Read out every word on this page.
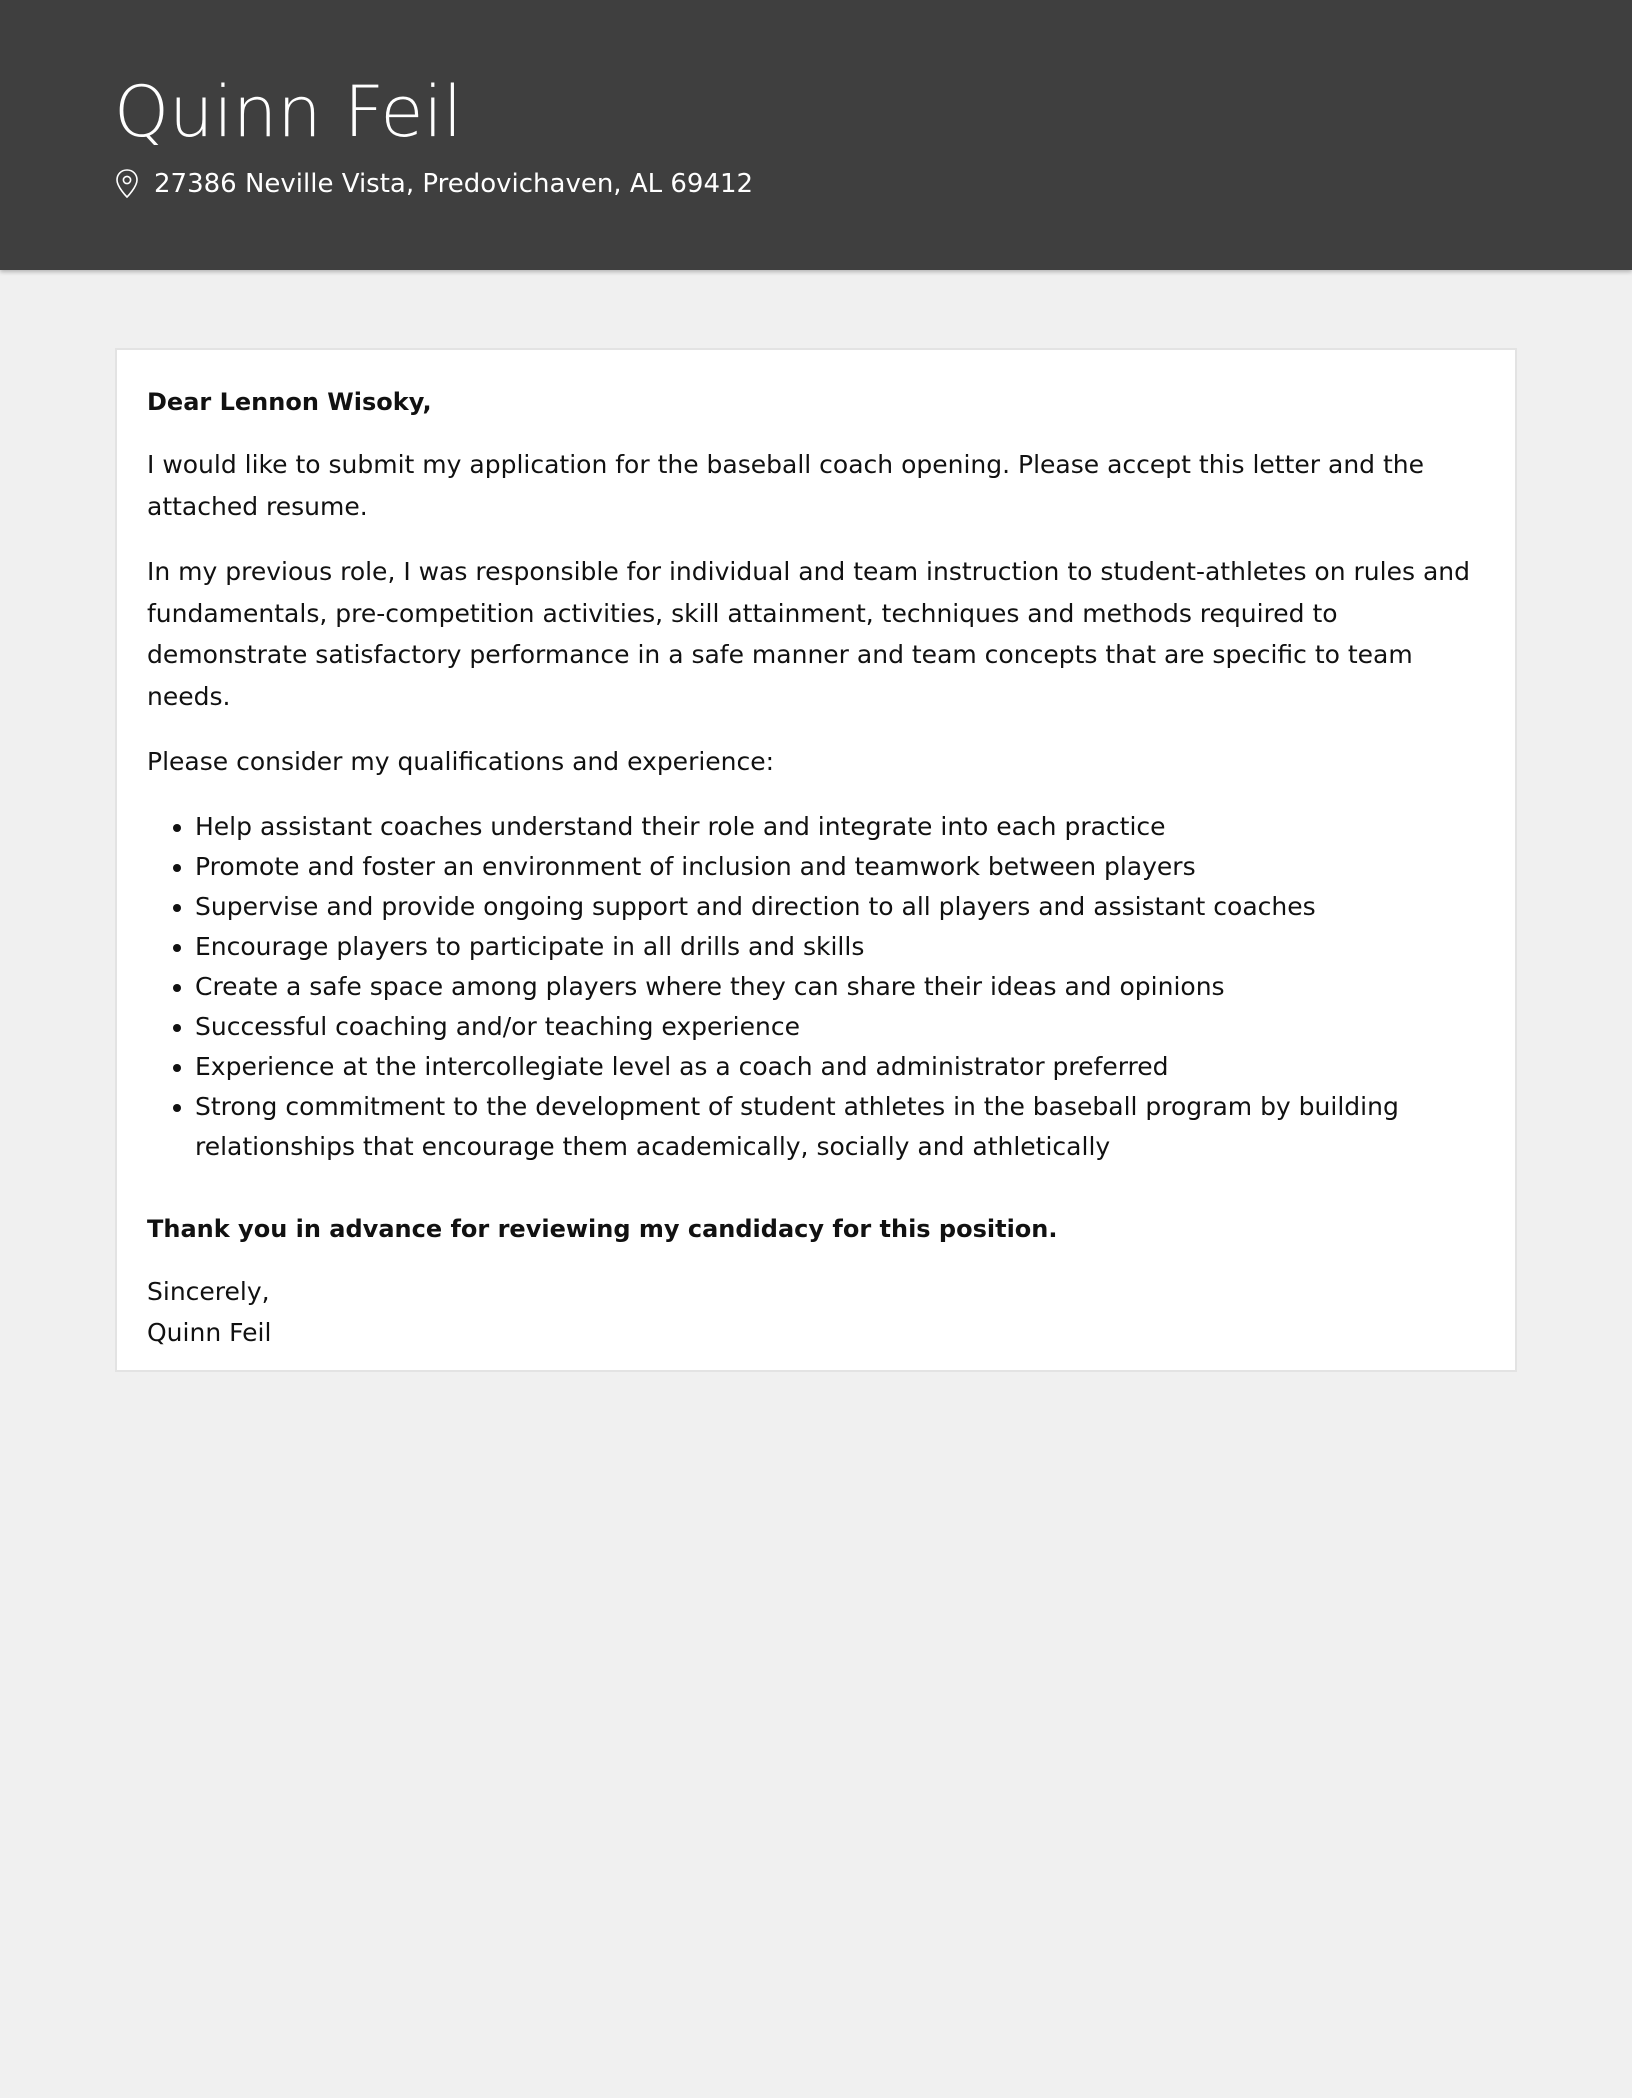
Quinn Feil
27386 Neville Vista, Predovichaven, AL 69412

Dear Lennon Wisoky,

I would like to submit my application for the baseball coach opening. Please accept this letter and the attached resume.

In my previous role, I was responsible for individual and team instruction to student-athletes on rules and fundamentals, pre-competition activities, skill attainment, techniques and methods required to demonstrate satisfactory performance in a safe manner and team concepts that are specific to team needs.

Please consider my qualifications and experience:

• Help assistant coaches understand their role and integrate into each practice
• Promote and foster an environment of inclusion and teamwork between players
• Supervise and provide ongoing support and direction to all players and assistant coaches
• Encourage players to participate in all drills and skills
• Create a safe space among players where they can share their ideas and opinions
• Successful coaching and/or teaching experience
• Experience at the intercollegiate level as a coach and administrator preferred
• Strong commitment to the development of student athletes in the baseball program by building relationships that encourage them academically, socially and athletically

Thank you in advance for reviewing my candidacy for this position.

Sincerely,

Quinn Feil
